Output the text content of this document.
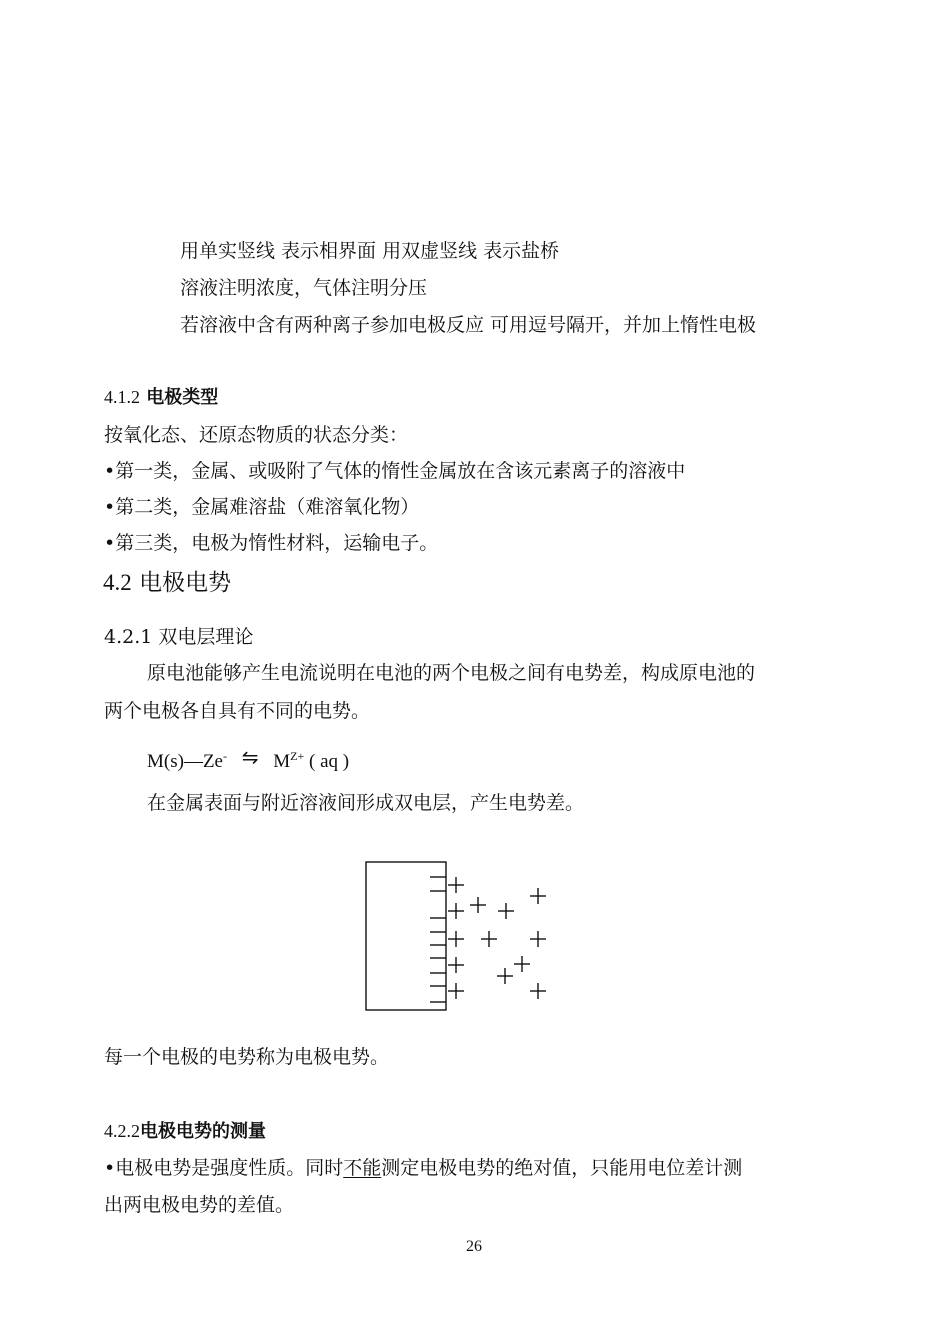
用单实竖线 表示相界面 用双虚竖线 表示盐桥
溶液注明浓度，气体注明分压
若溶液中含有两种离子参加电极反应 可用逗号隔开，并加上惰性电极
4.1.2 电极类型
按氧化态、还原态物质的状态分类：
•第一类，金属、或吸附了气体的惰性金属放在含该元素离子的溶液中
•第二类，金属难溶盐（难溶氧化物）
•第三类，电极为惰性材料，运输电子。
4.2 电极电势
4.2.1 双电层理论
原电池能够产生电流说明在电池的两个电极之间有电势差，构成原电池的
两个电极各自具有不同的电势。
M(s)—Ze- ⇋ $M^{Z+}$ ( aq )
在金属表面与附近溶液间形成双电层，产生电势差。
每一个电极的电势称为电极电势。
4.2.2电极电势的测量
•电极电势是强度性质。同时不能测定电极电势的绝对值，只能用电位差计测
出两电极电势的差值。
26
